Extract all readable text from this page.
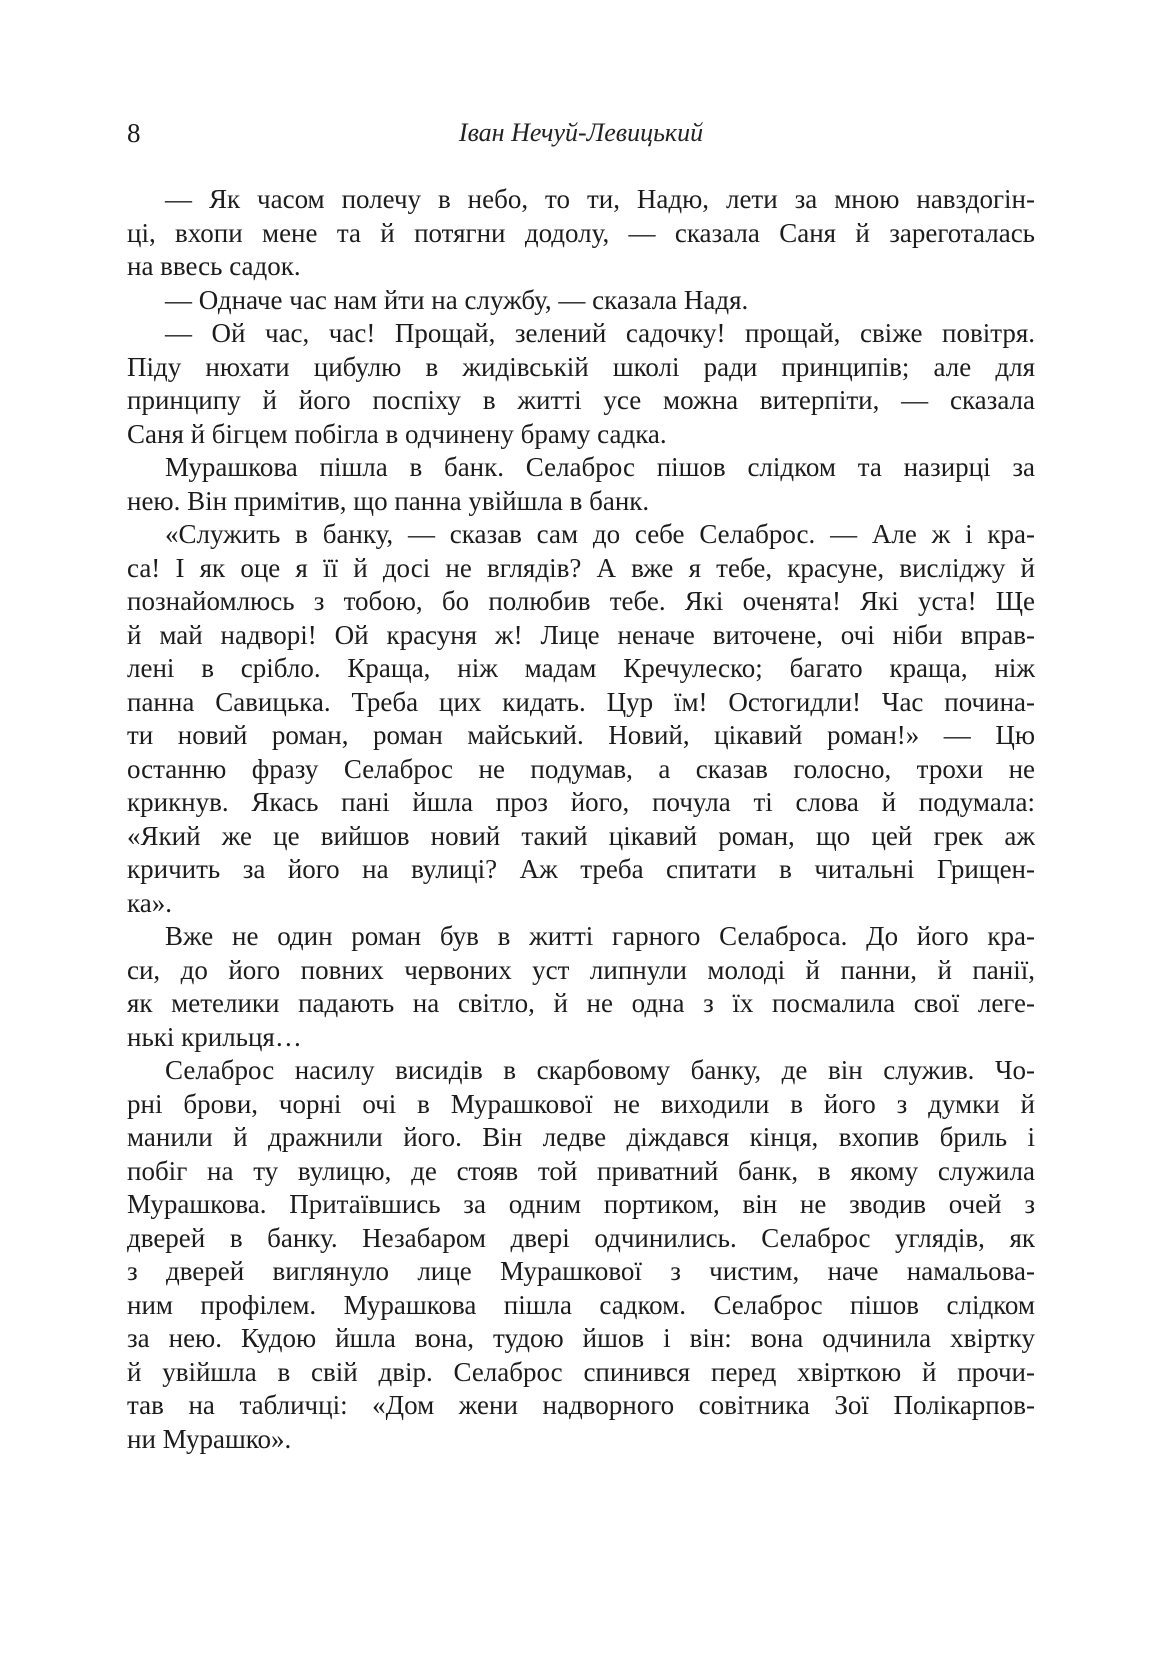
8	Іван Нечуй-Левицький
— Як часом полечу в небо, то ти, Надю, лети за мною навздогін-
ці, вхопи мене та й потягни додолу, — сказала Саня й зареготалась
на ввесь садок.
— Одначе час нам йти на службу, — сказала Надя.
— Ой час, час! Прощай, зелений садочку! прощай, свіже повітря.
Піду нюхати цибулю в жидівській школі ради принципів; але для
принципу й його поспіху в житті усе можна витерпіти, — сказала
Саня й бігцем побігла в одчинену браму садка.
Мурашкова пішла в банк. Селаброс пішов слідком та назирці за
нею. Він примітив, що панна увійшла в банк.
«Служить в банку, — сказав сам до себе Селаброс. — Але ж і кра-
са! І як оце я її й досі не вглядів? А вже я тебе, красуне, висліджу й
познайомлюсь з тобою, бо полюбив тебе. Які оченята! Які уста! Ще
й май надворі! Ой красуня ж! Лице неначе виточене, очі ніби вправ-
лені в срібло. Краща, ніж мадам Кречулеско; багато краща, ніж
панна Савицька. Треба цих кидать. Цур їм! Остогидли! Час почина-
ти новий роман, роман майський. Новий, цікавий роман!» — Цю
останню фразу Селаброс не подумав, а сказав голосно, трохи не
крикнув. Якась пані йшла проз його, почула ті слова й подумала:
«Який же це вийшов новий такий цікавий роман, що цей грек аж
кричить за його на вулиці? Аж треба спитати в читальні Грищен-
ка».
Вже не один роман був в житті гарного Селаброса. До його кра-
си, до його повних червоних уст липнули молоді й панни, й панії,
як метелики падають на світло, й не одна з їх посмалила свої леге-
нькі крильця…
Селаброс насилу висидів в скарбовому банку, де він служив. Чо-
рні брови, чорні очі в Мурашкової не виходили в його з думки й
манили й дражнили його. Він ледве діждався кінця, вхопив бриль і
побіг на ту вулицю, де стояв той приватний банк, в якому служила
Мурашкова. Притаївшись за одним портиком, він не зводив очей з
дверей в банку. Незабаром двері одчинились. Селаброс углядів, як
з дверей виглянуло лице Мурашкової з чистим, наче намальова-
ним профілем. Мурашкова пішла садком. Селаброс пішов слідком
за нею. Кудою йшла вона, тудою йшов і він: вона одчинила хвіртку
й увійшла в свій двір. Селаброс спинився перед хвірткою й прочи-
тав на табличці: «Дом жени надворного совітника Зої Полікарпов-
ни Мурашко».
